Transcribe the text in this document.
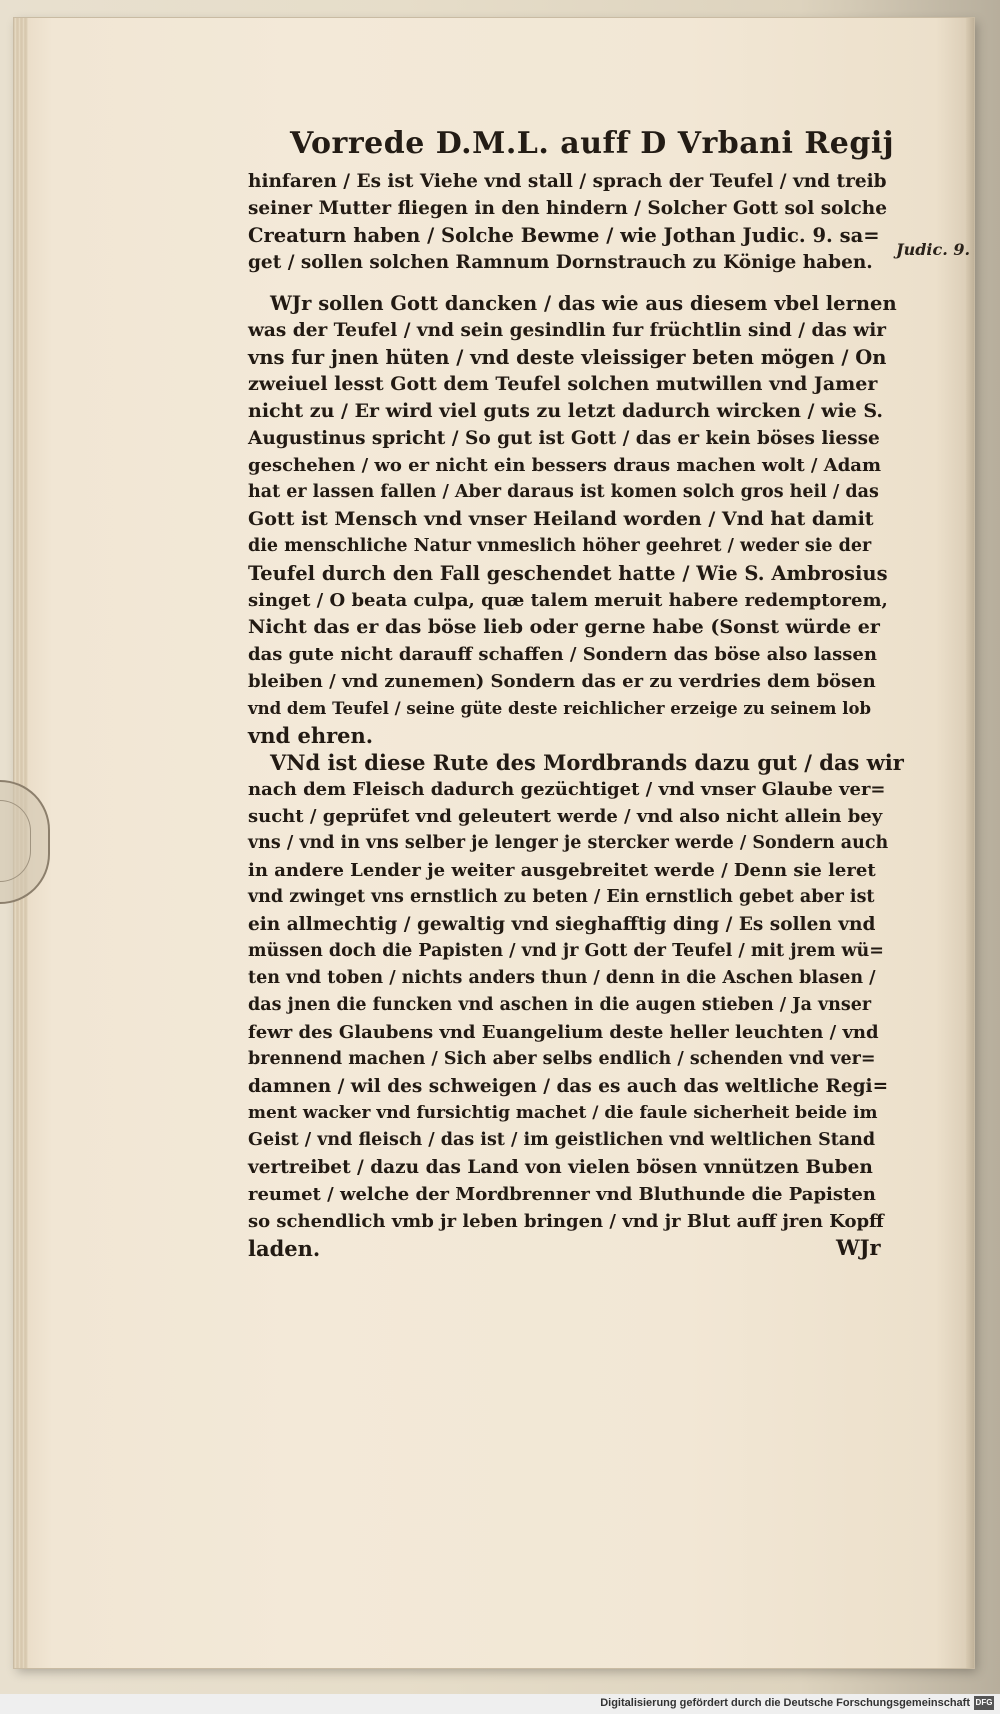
Vorrede D.M.L. auff D Vrbani Regij
Judic. 9.
hinfaren / Es ist Viehe vnd stall / sprach der Teufel / vnd treib
seiner Mutter fliegen in den hindern / Solcher Gott sol solche
Creaturn haben / Solche Bewme / wie Jothan Judic. 9. sa=
get / sollen solchen Ramnum Dornstrauch zu Könige haben.
WJr sollen Gott dancken / das wie aus diesem vbel lernen
was der Teufel / vnd sein gesindlin fur früchtlin sind / das wir
vns fur jnen hüten / vnd deste vleissiger beten mögen / On
zweiuel lesst Gott dem Teufel solchen mutwillen vnd Jamer
nicht zu / Er wird viel guts zu letzt dadurch wircken / wie S.
Augustinus spricht / So gut ist Gott / das er kein böses liesse
geschehen / wo er nicht ein bessers draus machen wolt / Adam
hat er lassen fallen / Aber daraus ist komen solch gros heil / das
Gott ist Mensch vnd vnser Heiland worden / Vnd hat damit
die menschliche Natur vnmeslich höher geehret / weder sie der
Teufel durch den Fall geschendet hatte / Wie S. Ambrosius
singet / O beata culpa, quæ talem meruit habere redemptorem,
Nicht das er das böse lieb oder gerne habe (Sonst würde er
das gute nicht darauff schaffen / Sondern das böse also lassen
bleiben / vnd zunemen) Sondern das er zu verdries dem bösen
vnd dem Teufel / seine güte deste reichlicher erzeige zu seinem lob
vnd ehren.
VNd ist diese Rute des Mordbrands dazu gut / das wir
nach dem Fleisch dadurch gezüchtiget / vnd vnser Glaube ver=
sucht / geprüfet vnd geleutert werde / vnd also nicht allein bey
vns / vnd in vns selber je lenger je stercker werde / Sondern auch
in andere Lender je weiter ausgebreitet werde / Denn sie leret
vnd zwinget vns ernstlich zu beten / Ein ernstlich gebet aber ist
ein allmechtig / gewaltig vnd sieghafftig ding / Es sollen vnd
müssen doch die Papisten / vnd jr Gott der Teufel / mit jrem wü=
ten vnd toben / nichts anders thun / denn in die Aschen blasen /
das jnen die funcken vnd aschen in die augen stieben / Ja vnser
fewr des Glaubens vnd Euangelium deste heller leuchten / vnd
brennend machen / Sich aber selbs endlich / schenden vnd ver=
damnen / wil des schweigen / das es auch das weltliche Regi=
ment wacker vnd fursichtig machet / die faule sicherheit beide im
Geist / vnd fleisch / das ist / im geistlichen vnd weltlichen Stand
vertreibet / dazu das Land von vielen bösen vnnützen Buben
reumet / welche der Mordbrenner vnd Bluthunde die Papisten
so schendlich vmb jr leben bringen / vnd jr Blut auff jren Kopff
laden.	WJr
Digitalisierung gefördert durch die Deutsche Forschungsgemeinschaft DFG
